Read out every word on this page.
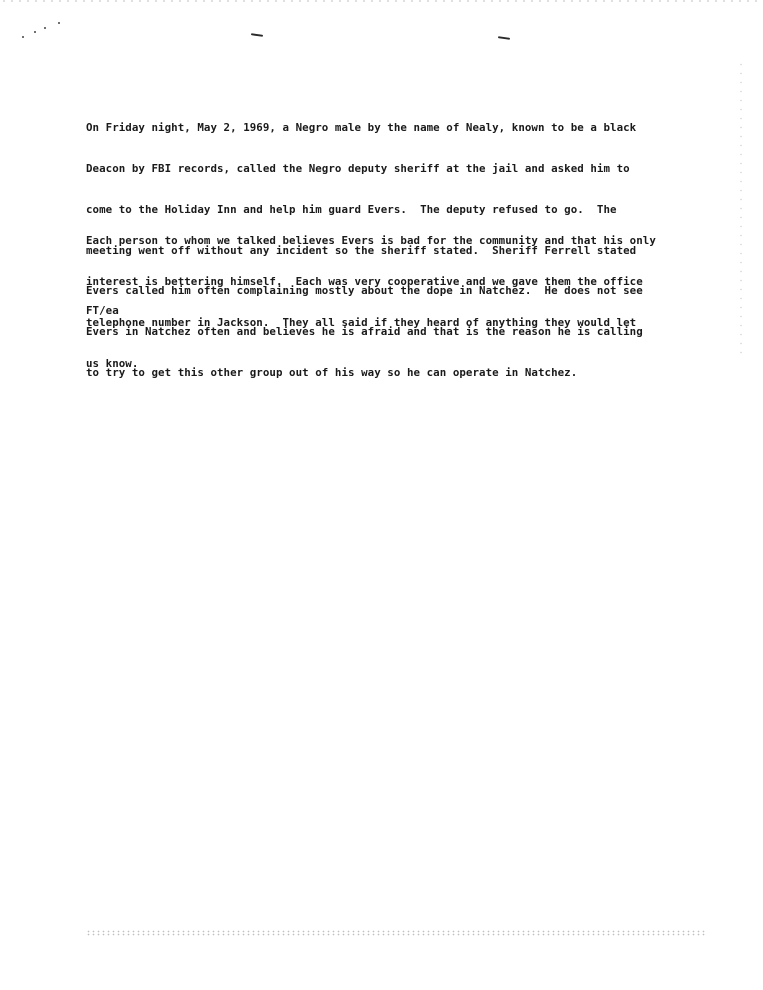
On Friday night, May 2, 1969, a Negro male by the name of Nealy, known to be a black

Deacon by FBI records, called the Negro deputy sheriff at the jail and asked him to

come to the Holiday Inn and help him guard Evers.  The deputy refused to go.  The

meeting went off without any incident so the sheriff stated.  Sheriff Ferrell stated

Evers called him often complaining mostly about the dope in Natchez.  He does not see

Evers in Natchez often and believes he is afraid and that is the reason he is calling

to try to get this other group out of his way so he can operate in Natchez.

Each person to whom we talked believes Evers is bad for the community and that his only

interest is bettering himself.  Each was very cooperative and we gave them the office

telephone number in Jackson.  They all said if they heard of anything they would let

us know.

FT/ea
